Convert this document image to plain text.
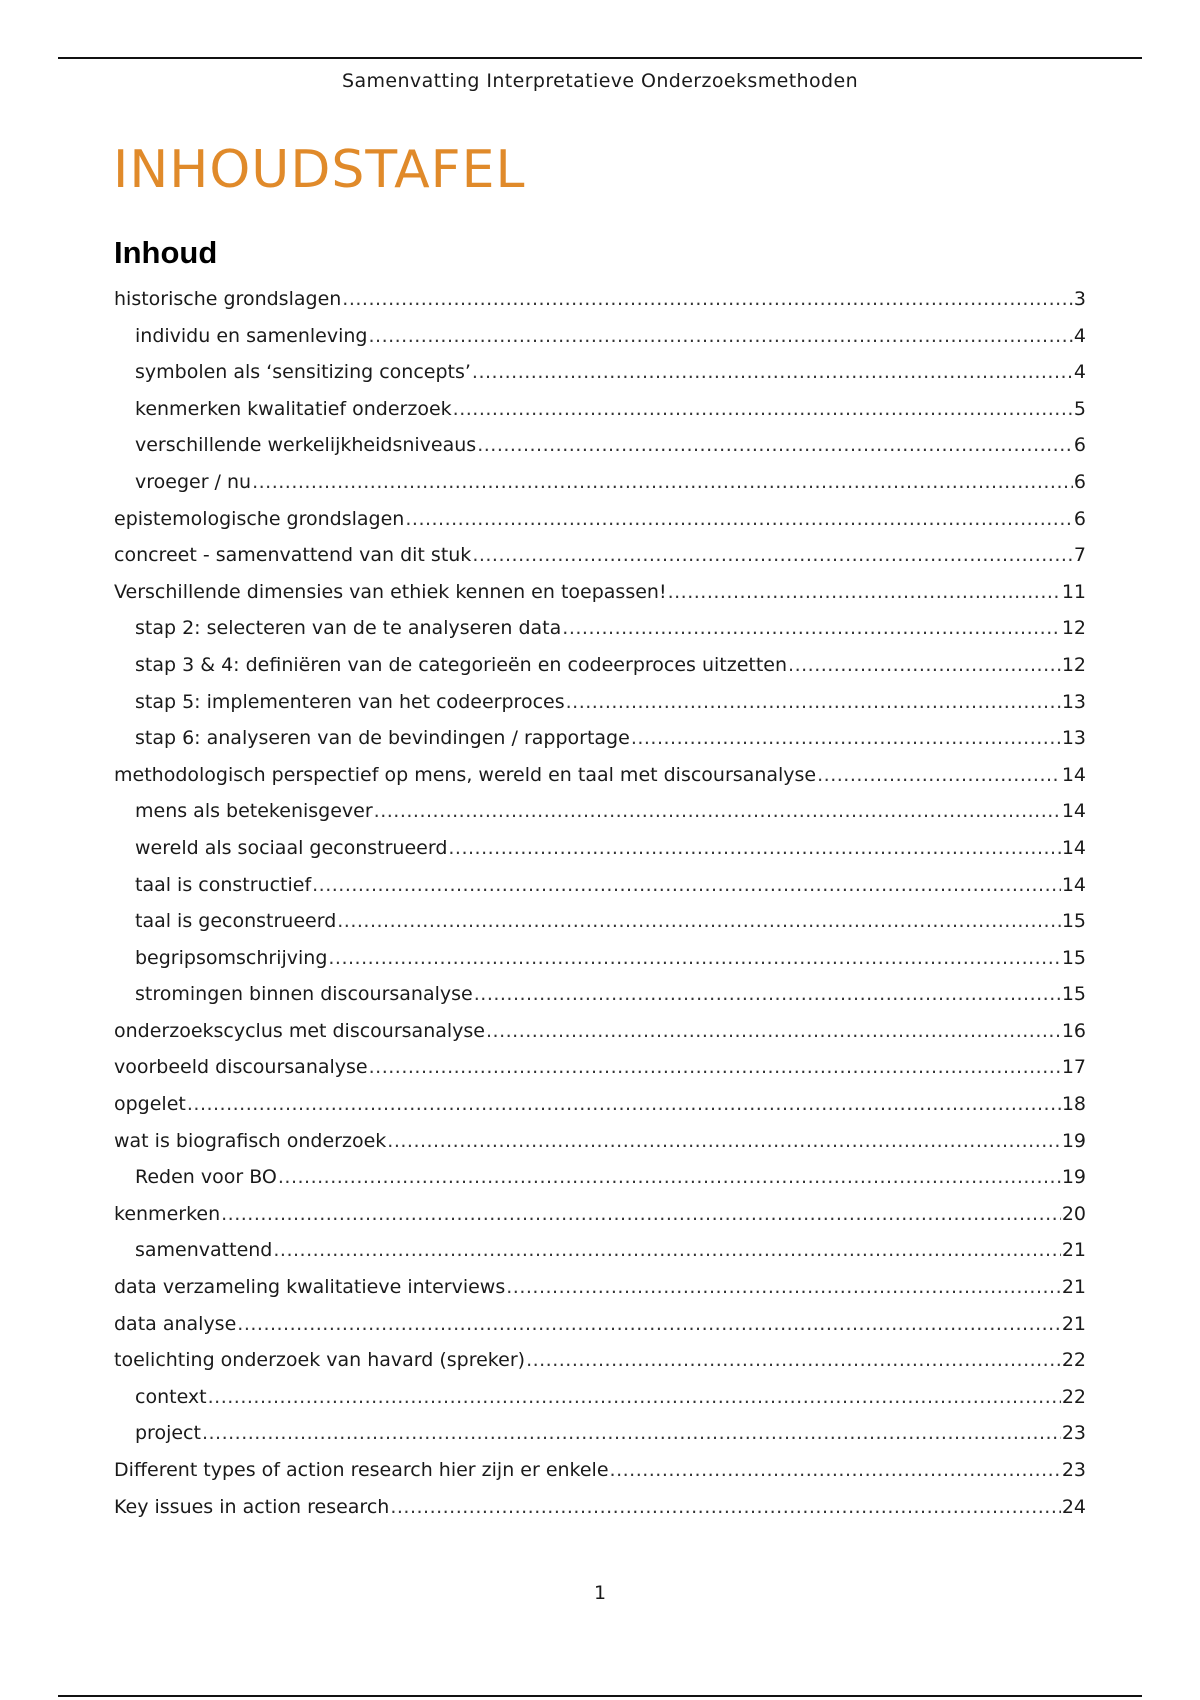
Samenvatting Interpretatieve Onderzoeksmethoden
INHOUDSTAFEL
Inhoud
historische grondslagen .....	3
individu en samenleving .....	4
symbolen als ‘sensitizing concepts’ .....	4
kenmerken kwalitatief onderzoek .....	5
verschillende werkelijkheidsniveaus .....	6
vroeger / nu .....	6
epistemologische grondslagen .....	6
concreet - samenvattend van dit stuk .....	7
Verschillende dimensies van ethiek kennen en toepassen! .....	11
stap 2: selecteren van de te analyseren data .....	12
stap 3 & 4: definiëren van de categorieën en codeerproces uitzetten .....	12
stap 5: implementeren van het codeerproces .....	13
stap 6: analyseren van de bevindingen / rapportage .....	13
methodologisch perspectief op mens, wereld en taal met discoursanalyse .....	14
mens als betekenisgever .....	14
wereld als sociaal geconstrueerd .....	14
taal is constructief .....	14
taal is geconstrueerd .....	15
begripsomschrijving .....	15
stromingen binnen discoursanalyse .....	15
onderzoekscyclus met discoursanalyse .....	16
voorbeeld discoursanalyse .....	17
opgelet .....	18
wat is biografisch onderzoek .....	19
Reden voor BO .....	19
kenmerken .....	20
samenvattend .....	21
data verzameling kwalitatieve interviews .....	21
data analyse .....	21
toelichting onderzoek van havard (spreker) .....	22
context .....	22
project .....	23
Different types of action research hier zijn er enkele .....	23
Key issues in action research .....	24
1
